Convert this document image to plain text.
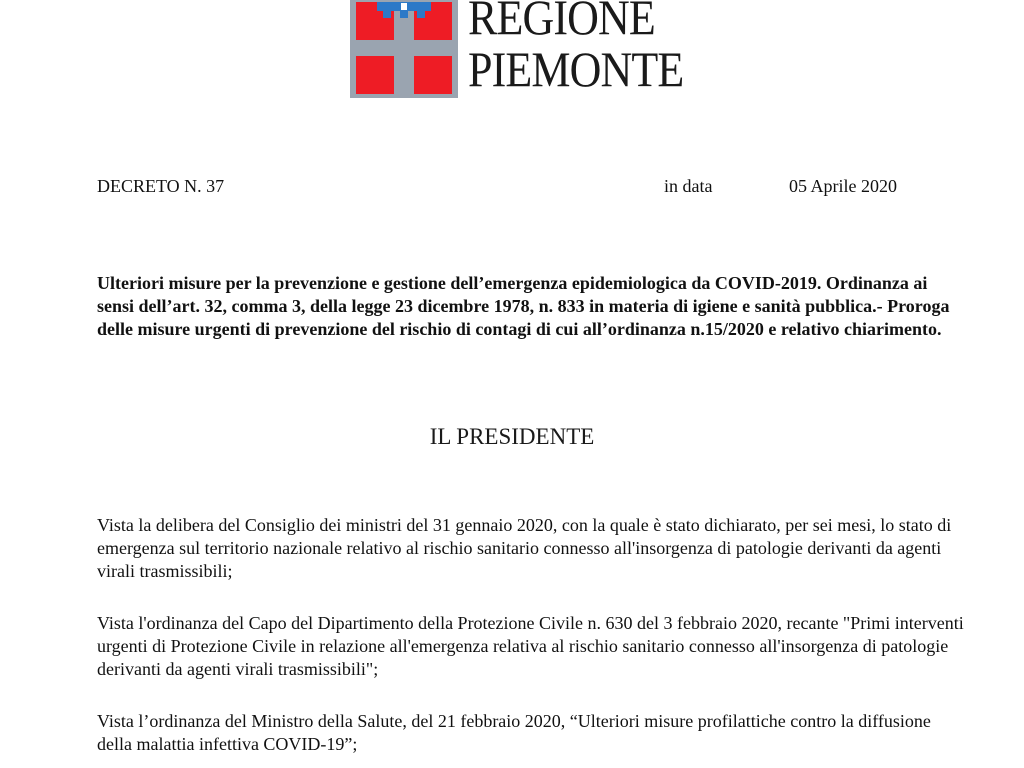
REGIONE
PIEMONTE
DECRETO N. 37	in data	05 Aprile 2020

Ulteriori misure per la prevenzione e gestione dell’emergenza epidemiologica da COVID-2019. Ordinanza ai sensi dell’art. 32, comma 3, della legge 23 dicembre 1978, n. 833 in materia di igiene e sanità pubblica.- Proroga delle misure urgenti di prevenzione del rischio di contagi di cui all’ordinanza n.15/2020 e relativo chiarimento.

IL PRESIDENTE

Vista la delibera del Consiglio dei ministri del 31 gennaio 2020, con la quale è stato dichiarato, per sei mesi, lo stato di emergenza sul territorio nazionale relativo al rischio sanitario connesso all'insorgenza di patologie derivanti da agenti virali trasmissibili;

Vista l'ordinanza del Capo del Dipartimento della Protezione Civile n. 630 del 3 febbraio 2020, recante "Primi interventi urgenti di Protezione Civile in relazione all'emergenza relativa al rischio sanitario connesso all'insorgenza di patologie derivanti da agenti virali trasmissibili";

Vista l’ordinanza del Ministro della Salute, del 21 febbraio 2020, “Ulteriori misure profilattiche contro la diffusione della malattia infettiva COVID-19”;
